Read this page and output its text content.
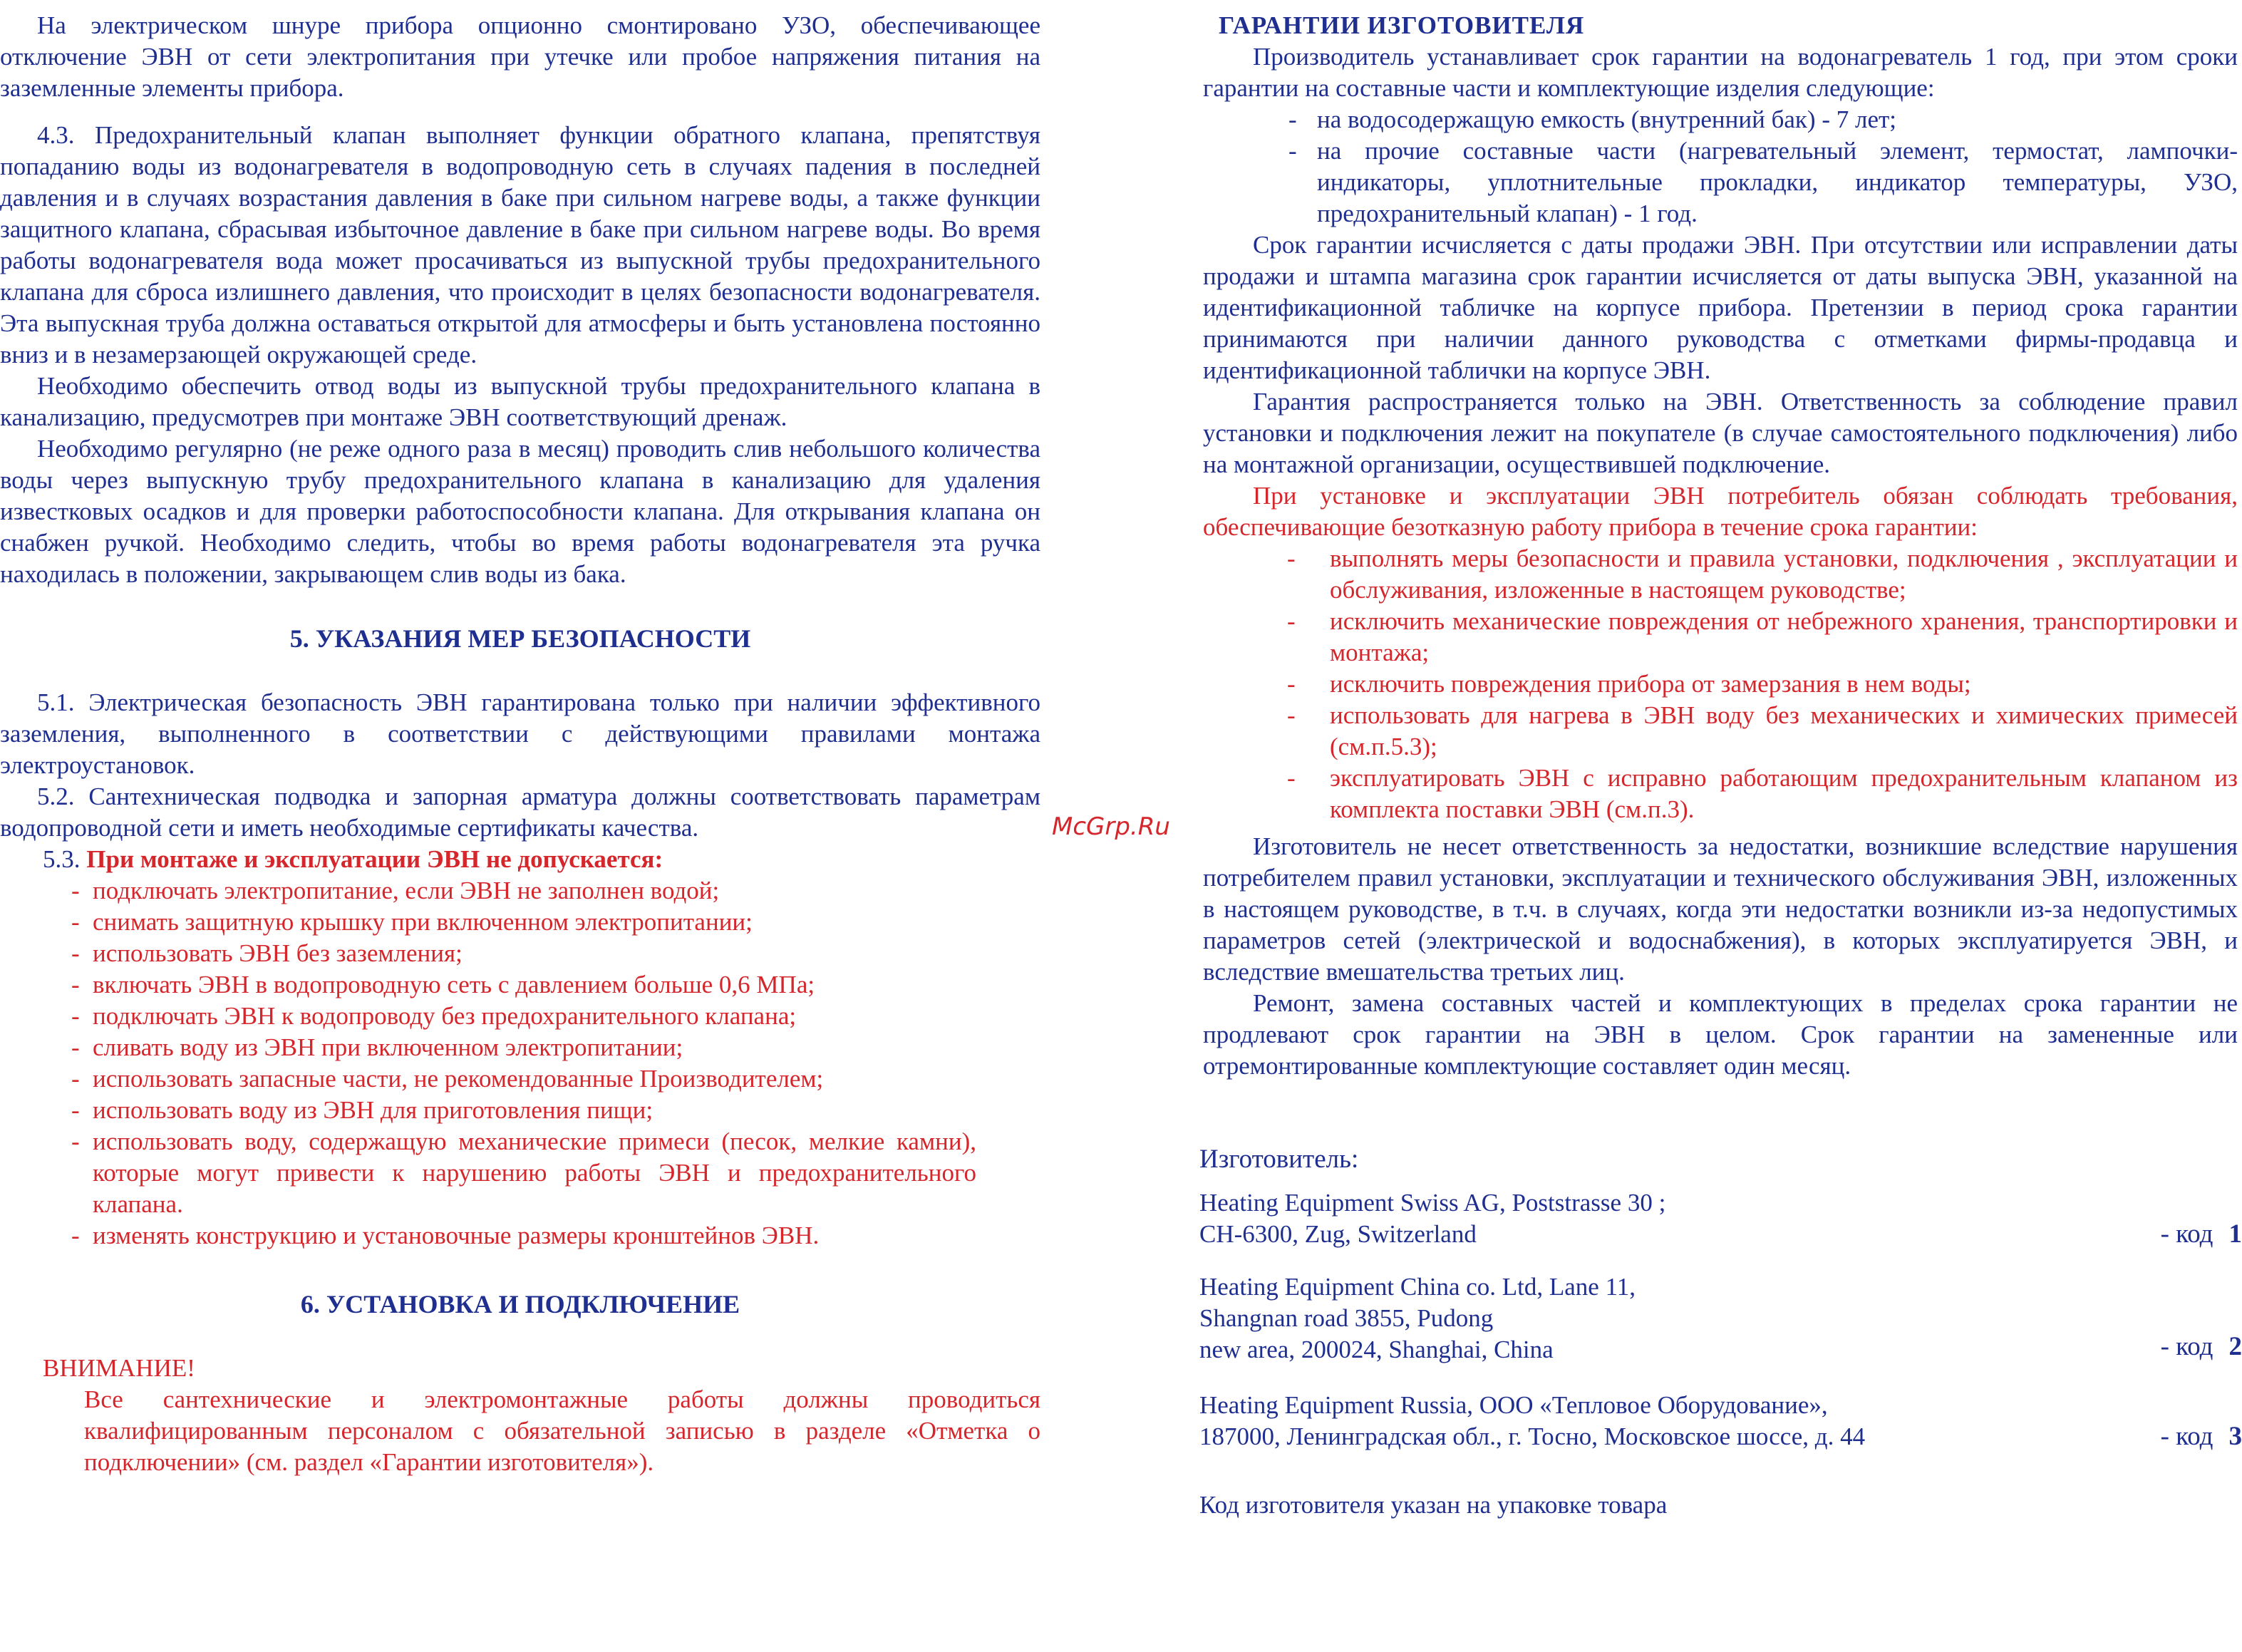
На электрическом шнуре прибора опционно смонтировано УЗО, обеспечивающее отключение ЭВН от сети электропитания при утечке или пробое напряжения питания на заземленные элементы прибора.

4.3. Предохранительный клапан выполняет функции обратного клапана, препятствуя попаданию воды из водонагревателя в водопроводную сеть в случаях падения в последней давления и в случаях возрастания давления в баке при сильном нагреве воды, а также функции защитного клапана, сбрасывая избыточное давление в баке при сильном нагреве воды. Во время работы водонагревателя вода может просачиваться из выпускной трубы предохранительного клапана для сброса излишнего давления, что происходит в целях безопасности водонагревателя. Эта выпускная труба должна оставаться открытой для атмосферы и быть установлена постоянно вниз и в незамерзающей окружающей среде.

Необходимо обеспечить отвод воды из выпускной трубы предохранительного клапана в канализацию, предусмотрев при монтаже ЭВН соответствующий дренаж.

Необходимо регулярно (не реже одного раза в месяц) проводить слив небольшого количества воды через выпускную трубу предохранительного клапана в канализацию для удаления известковых осадков и для проверки работоспособности клапана. Для открывания клапана он снабжен ручкой. Необходимо следить, чтобы во время работы водонагревателя эта ручка находилась в положении, закрывающем слив воды из бака.

5. УКАЗАНИЯ МЕР БЕЗОПАСНОСТИ

5.1. Электрическая безопасность ЭВН гарантирована только при наличии эффективного заземления, выполненного в соответствии с действующими правилами монтажа электроустановок.

5.2. Сантехническая подводка и запорная арматура должны соответствовать параметрам водопроводной сети и иметь необходимые сертификаты качества.

5.3. При монтаже и эксплуатации ЭВН не допускается:

- подключать электропитание, если ЭВН не заполнен водой;
- снимать защитную крышку при включенном электропитании;
- использовать ЭВН без заземления;
- включать ЭВН в водопроводную сеть с давлением больше 0,6 МПа;
- подключать ЭВН к водопроводу без предохранительного клапана;
- сливать воду из ЭВН при включенном электропитании;
- использовать запасные части, не рекомендованные Производителем;
- использовать воду из ЭВН для приготовления пищи;
- использовать воду, содержащую механические примеси (песок, мелкие камни), которые могут привести к нарушению работы ЭВН и предохранительного клапана.
- изменять конструкцию и установочные размеры кронштейнов ЭВН.

6. УСТАНОВКА И ПОДКЛЮЧЕНИЕ

ВНИМАНИЕ!

Все сантехнические и электромонтажные работы должны проводиться квалифицированным персоналом с обязательной записью в разделе «Отметка о подключении» (см. раздел «Гарантии изготовителя»).

McGrp.Ru

ГАРАНТИИ ИЗГОТОВИТЕЛЯ

Производитель устанавливает срок гарантии на водонагреватель 1 год, при этом сроки гарантии на составные части и комплектующие изделия следующие:

- на водосодержащую емкость (внутренний бак) - 7 лет;
- на прочие составные части (нагревательный элемент, термостат, лампочки-индикаторы, уплотнительные прокладки, индикатор температуры, УЗО, предохранительный клапан) - 1 год.

Срок гарантии исчисляется с даты продажи ЭВН. При отсутствии или исправлении даты продажи и штампа магазина срок гарантии исчисляется от даты выпуска ЭВН, указанной на идентификационной табличке на корпусе прибора. Претензии в период срока гарантии принимаются при наличии данного руководства с отметками фирмы-продавца и идентификационной таблички на корпусе ЭВН.

Гарантия распространяется только на ЭВН. Ответственность за соблюдение правил установки и подключения лежит на покупателе (в случае самостоятельного подключения) либо на монтажной организации, осуществившей подключение.

При установке и эксплуатации ЭВН потребитель обязан соблюдать требования, обеспечивающие безотказную работу прибора в течение срока гарантии:

- выполнять меры безопасности и правила установки, подключения , эксплуатации и обслуживания, изложенные в настоящем руководстве;
- исключить механические повреждения от небрежного хранения, транспортировки и монтажа;
- исключить повреждения прибора от замерзания в нем воды;
- использовать для нагрева в ЭВН воду без механических и химических примесей (см.п.5.3);
- эксплуатировать ЭВН с исправно работающим предохранительным клапаном из комплекта поставки ЭВН (см.п.3).

Изготовитель не несет ответственность за недостатки, возникшие вследствие нарушения потребителем правил установки, эксплуатации и технического обслуживания ЭВН, изложенных в настоящем руководстве, в т.ч. в случаях, когда эти недостатки возникли из-за недопустимых параметров сетей (электрической и водоснабжения), в которых эксплуатируется ЭВН, и вследствие вмешательства третьих лиц.

Ремонт, замена составных частей и комплектующих в пределах срока гарантии не продлевают срок гарантии на ЭВН в целом. Срок гарантии на замененные или отремонтированные комплектующие составляет один месяц.

Изготовитель:
Heating Equipment Swiss AG, Poststrasse 30 ;
CH-6300, Zug, Switzerland	- код 1
Heating Equipment China co. Ltd, Lane 11,
Shangnan road 3855, Pudong
new area, 200024, Shanghai, China	- код 2
Heating Equipment Russia, ООО «Тепловое Оборудование»,
187000, Ленинградская обл., г. Тосно, Московское шоссе, д. 44	- код 3
Код изготовителя указан на упаковке товара
